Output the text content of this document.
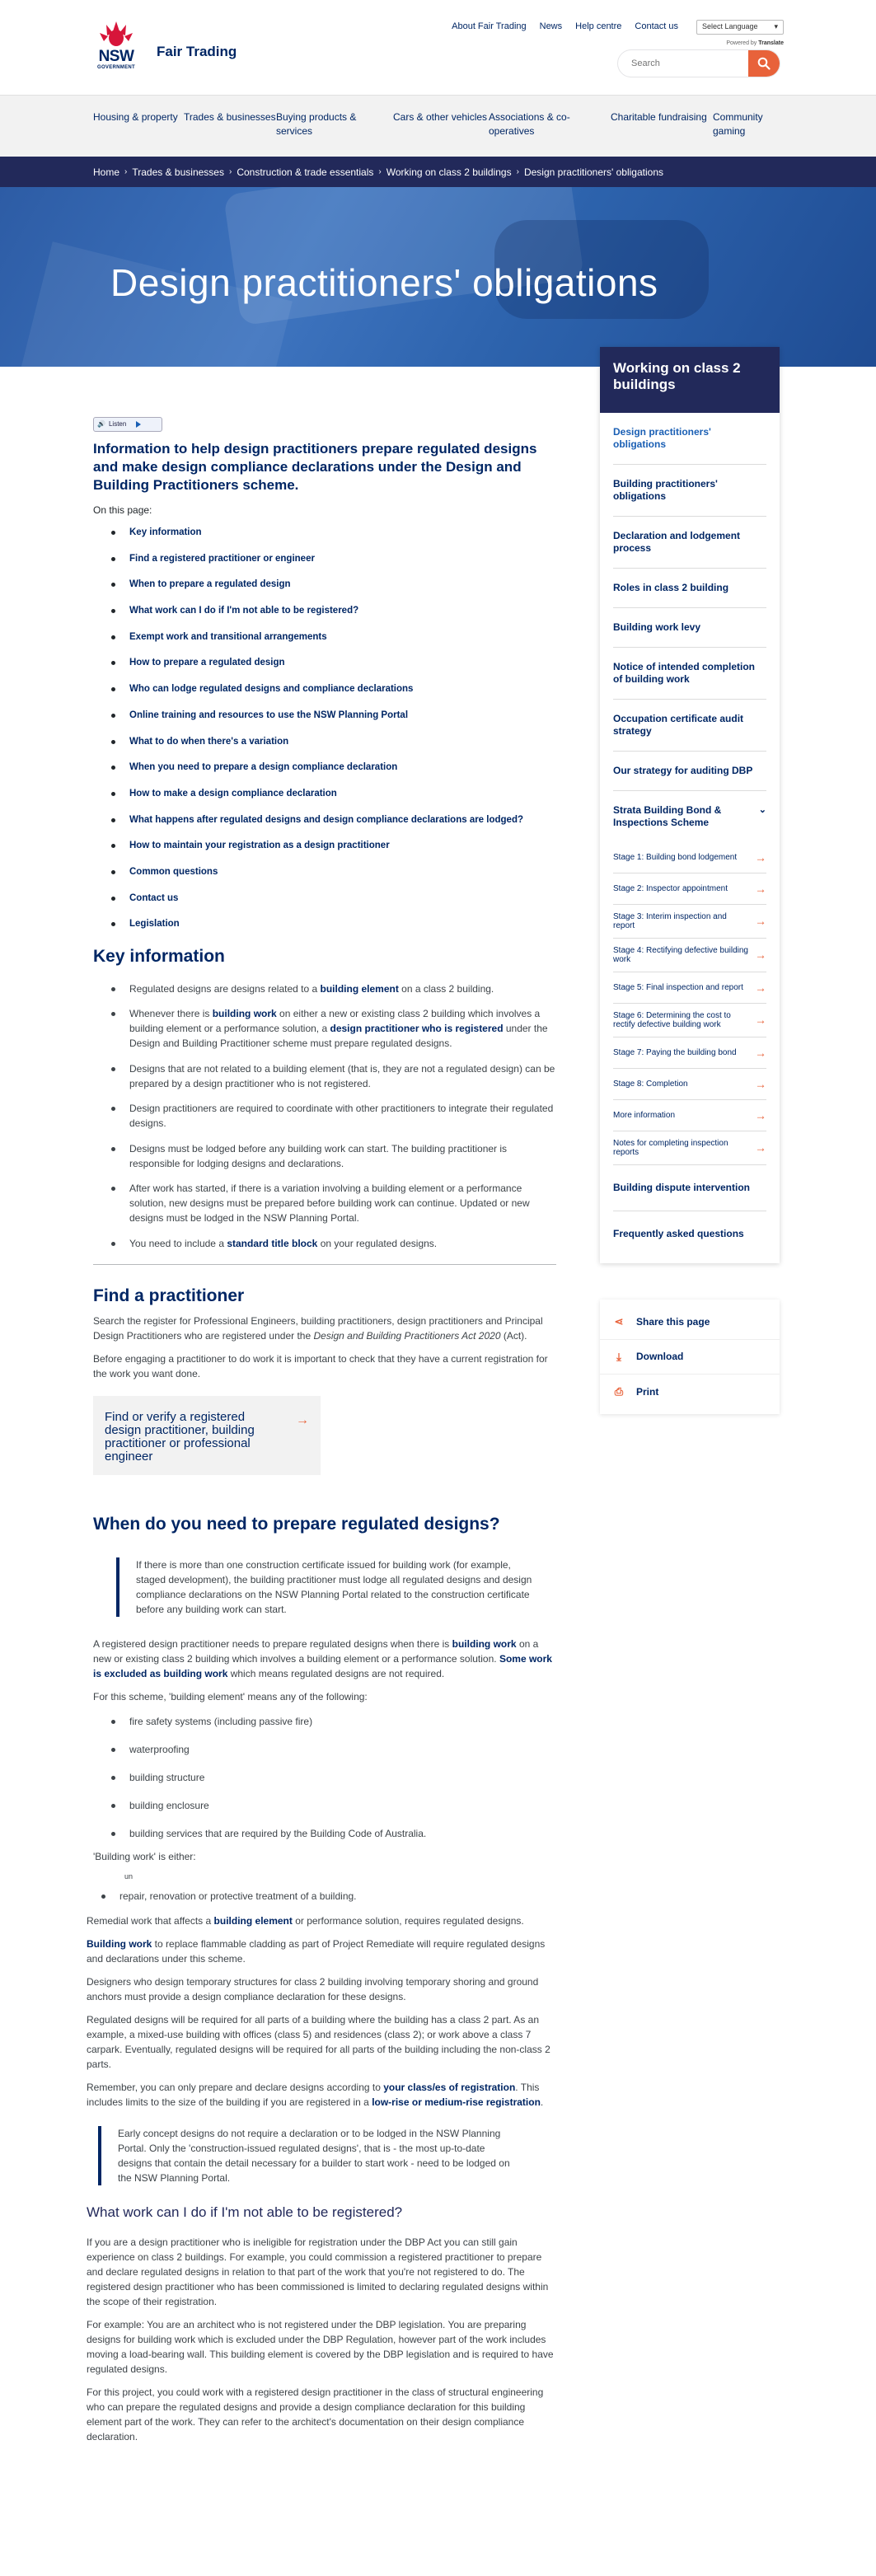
NSW
GOVERNMENT
Fair Trading
About Fair Trading News Help centre Contact us	Select Language ▾
Powered by Translate
Search
Housing & property Trades & businesses Buying products & services
Cars & other vehicles Associations & co-operatives
Charitable fundraising Community gaming
Home › Trades & businesses › Construction & trade essentials › Working on class 2 buildings › Design practitioners' obligations
Design practitioners' obligations
🔊 Listen

Information to help design practitioners prepare regulated designs and make design compliance declarations under the Design and Building Practitioners scheme.

On this page:

Key information
Find a registered practitioner or engineer
When to prepare a regulated design
What work can I do if I'm not able to be registered?
Exempt work and transitional arrangements
How to prepare a regulated design
Who can lodge regulated designs and compliance declarations
Online training and resources to use the NSW Planning Portal
What to do when there's a variation
When you need to prepare a design compliance declaration
How to make a design compliance declaration
What happens after regulated designs and design compliance declarations are lodged?
How to maintain your registration as a design practitioner
Common questions
Contact us
Legislation
Key information
Regulated designs are designs related to a building element on a class 2 building.
Whenever there is building work on either a new or existing class 2 building which involves a building element or a performance solution, a design practitioner who is registered under the Design and Building Practitioner scheme must prepare regulated designs.
Designs that are not related to a building element (that is, they are not a regulated design) can be prepared by a design practitioner who is not registered.
Design practitioners are required to coordinate with other practitioners to integrate their regulated designs.
Designs must be lodged before any building work can start. The building practitioner is responsible for lodging designs and declarations.
After work has started, if there is a variation involving a building element or a performance solution, new designs must be prepared before building work can continue. Updated or new designs must be lodged in the NSW Planning Portal.
You need to include a standard title block on your regulated designs.
Find a practitioner

Search the register for Professional Engineers, building practitioners, design practitioners and Principal Design Practitioners who are registered under the Design and Building Practitioners Act 2020 (Act).

Before engaging a practitioner to do work it is important to check that they have a current registration for the work you want done.

Find or verify a registered design practitioner, building practitioner or professional engineer
→
When do you need to prepare regulated designs?
If there is more than one construction certificate issued for building work (for example, staged development), the building practitioner must lodge all regulated designs and design compliance declarations on the NSW Planning Portal related to the construction certificate before any building work can start.

A registered design practitioner needs to prepare regulated designs when there is building work on a new or existing class 2 building which involves a building element or a performance solution. Some work is excluded as building work which means regulated designs are not required.

For this scheme, 'building element' means any of the following:

fire safety systems (including passive fire)
waterproofing
building structure
building enclosure
building services that are required by the Building Code of Australia.

'Building work' is either:

un

repair, renovation or protective treatment of a building.

Remedial work that affects a building element or performance solution, requires regulated designs.

Building work to replace flammable cladding as part of Project Remediate will require regulated designs and declarations under this scheme.

Designers who design temporary structures for class 2 building involving temporary shoring and ground anchors must provide a design compliance declaration for these designs.

Regulated designs will be required for all parts of a building where the building has a class 2 part. As an example, a mixed-use building with offices (class 5) and residences (class 2); or work above a class 7 carpark. Eventually, regulated designs will be required for all parts of the building including the non-class 2 parts.

Remember, you can only prepare and declare designs according to your class/es of registration. This includes limits to the size of the building if you are registered in a low-rise or medium-rise registration.

Early concept designs do not require a declaration or to be lodged in the NSW Planning Portal. Only the 'construction-issued regulated designs', that is - the most up-to-date designs that contain the detail necessary for a builder to start work - need to be lodged on the NSW Planning Portal.
What work can I do if I'm not able to be registered?

If you are a design practitioner who is ineligible for registration under the DBP Act you can still gain experience on class 2 buildings. For example, you could commission a registered practitioner to prepare and declare regulated designs in relation to that part of the work that you're not registered to do. The registered design practitioner who has been commissioned is limited to declaring regulated designs within the scope of their registration.

For example: You are an architect who is not registered under the DBP legislation. You are preparing designs for building work which is excluded under the DBP Regulation, however part of the work includes moving a load-bearing wall. This building element is covered by the DBP legislation and is required to have regulated designs.

For this project, you could work with a registered design practitioner in the class of structural engineering who can prepare the regulated designs and provide a design compliance declaration for this building element part of the work. They can refer to the architect's documentation on their design compliance declaration.

Working on class 2 buildings
Design practitioners' obligations
Building practitioners' obligations
Declaration and lodgement process
Roles in class 2 building
Building work levy
Notice of intended completion of building work
Occupation certificate audit strategy
Our strategy for auditing DBP
⌄
Strata Building Bond & Inspections Scheme
Stage 1: Building bond lodgement →
Stage 2: Inspector appointment →
Stage 3: Interim inspection and report	→
Stage 4: Rectifying defective building work	→
Stage 5: Final inspection and report →
Stage 6: Determining the cost to rectify defective building work	→
Stage 7: Paying the building bond →
Stage 8: Completion	→
More information	→
Notes for completing inspection reports	→
Building dispute intervention
Frequently asked questions
⋖ Share this page
⤓	Download
⎙ Print
